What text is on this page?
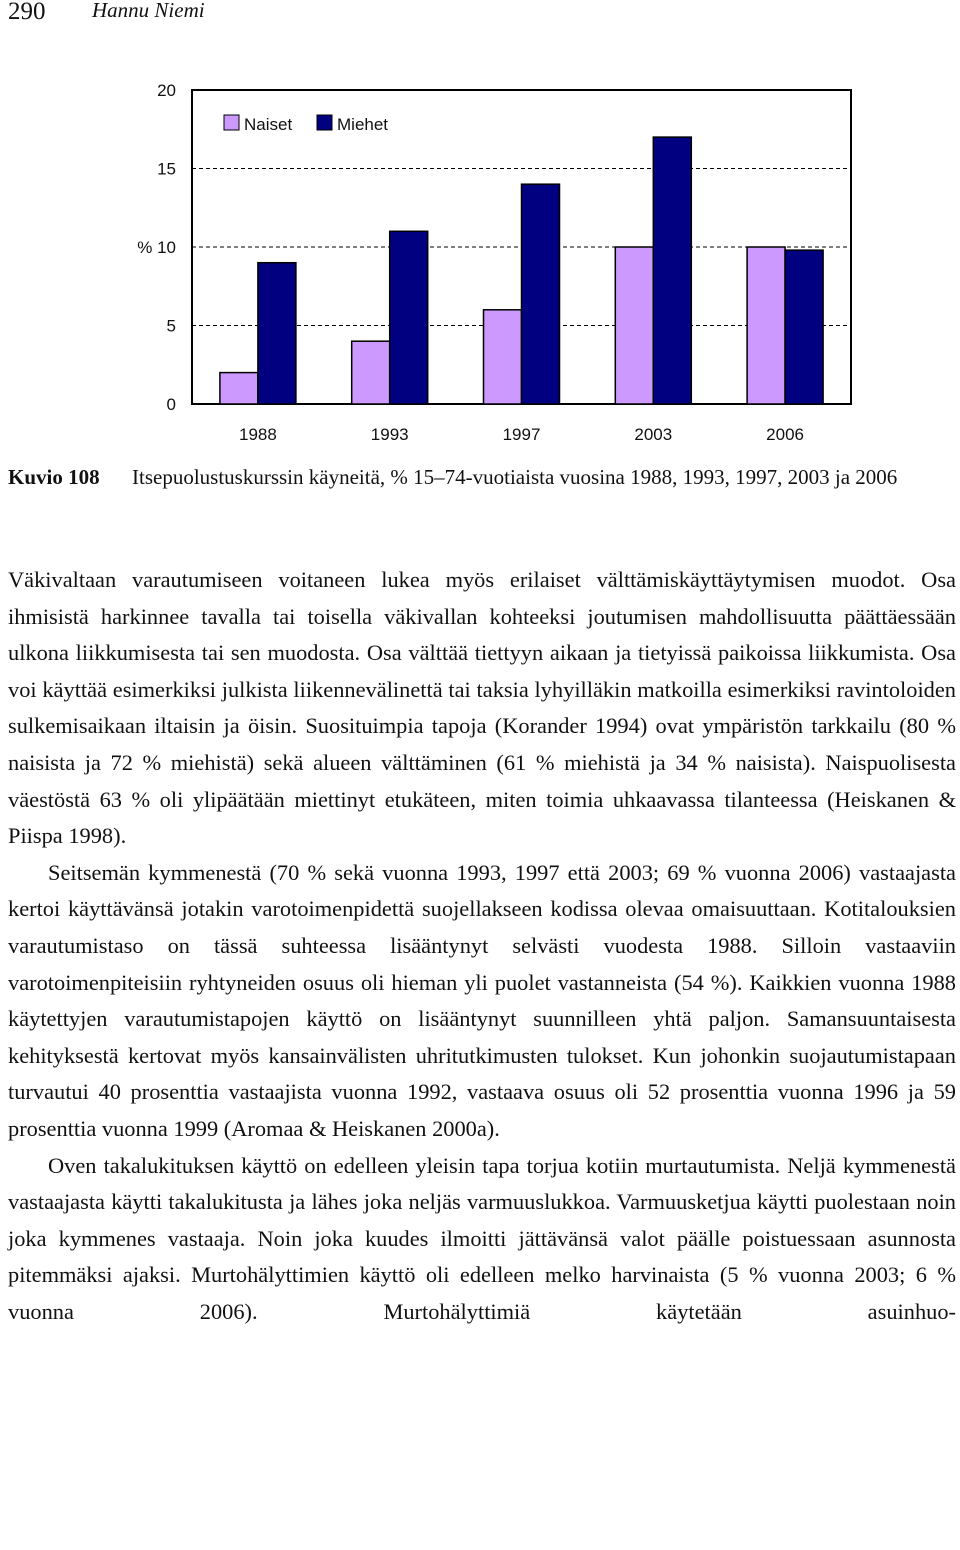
290 Hannu Niemi
0
5
% 10
15
20
1988	1993	1997	2003	2006
Naiset	Miehet
Kuvio 108 Itsepuolustuskurssin käyneitä, % 15–74-vuotiaista vuosina 1988, 1993, 1997, 2003 ja 2006

Väkivaltaan varautumiseen voitaneen lukea myös erilaiset välttämiskäyttäytymisen muodot. Osa ihmisistä harkinnee tavalla tai toisella väkivallan kohteeksi joutumisen mahdollisuutta päättäessään ulkona liikkumisesta tai sen muodosta. Osa välttää tiettyyn aikaan ja tietyissä paikoissa liikkumista. Osa voi käyttää esimerkiksi julkista liikennevälinettä tai taksia lyhyilläkin matkoilla esimerkiksi ravintoloiden sulkemisaikaan iltaisin ja öisin. Suosituimpia tapoja (Korander 1994) ovat ympäristön tarkkailu (80 % naisista ja 72 % miehistä) sekä alueen välttäminen (61 % miehistä ja 34 % naisista). Naispuolisesta väestöstä 63 % oli ylipäätään miettinyt etukäteen, miten toimia uhkaavassa tilanteessa (Heiskanen & Piispa 1998).

Seitsemän kymmenestä (70 % sekä vuonna 1993, 1997 että 2003; 69 % vuonna 2006) vastaajasta kertoi käyttävänsä jotakin varotoimenpidettä suojellakseen kodissa olevaa omaisuuttaan. Kotitalouksien varautumistaso on tässä suhteessa lisääntynyt selvästi vuodesta 1988. Silloin vastaaviin varotoimenpiteisiin ryhtyneiden osuus oli hieman yli puolet vastanneista (54 %). Kaikkien vuonna 1988 käytettyjen varautumistapojen käyttö on lisääntynyt suunnilleen yhtä paljon. Samansuuntaisesta kehityksestä kertovat myös kansainvälisten uhritutkimusten tulokset. Kun johonkin suojautumistapaan turvautui 40 prosenttia vastaajista vuonna 1992, vastaava osuus oli 52 prosenttia vuonna 1996 ja 59 prosenttia vuonna 1999 (Aromaa & Heiskanen 2000a).

Oven takalukituksen käyttö on edelleen yleisin tapa torjua kotiin murtautumista. Neljä kymmenestä vastaajasta käytti takalukitusta ja lähes joka neljäs varmuuslukkoa. Varmuusketjua käytti puolestaan noin joka kymmenes vastaaja. Noin joka kuudes ilmoitti jättävänsä valot päälle poistuessaan asunnosta pitemmäksi ajaksi. Murtohälyttimien käyttö oli edelleen melko harvinaista (5 % vuonna 2003; 6 % vuonna 2006). Murtohälyttimiä käytetään asuinhuo-
